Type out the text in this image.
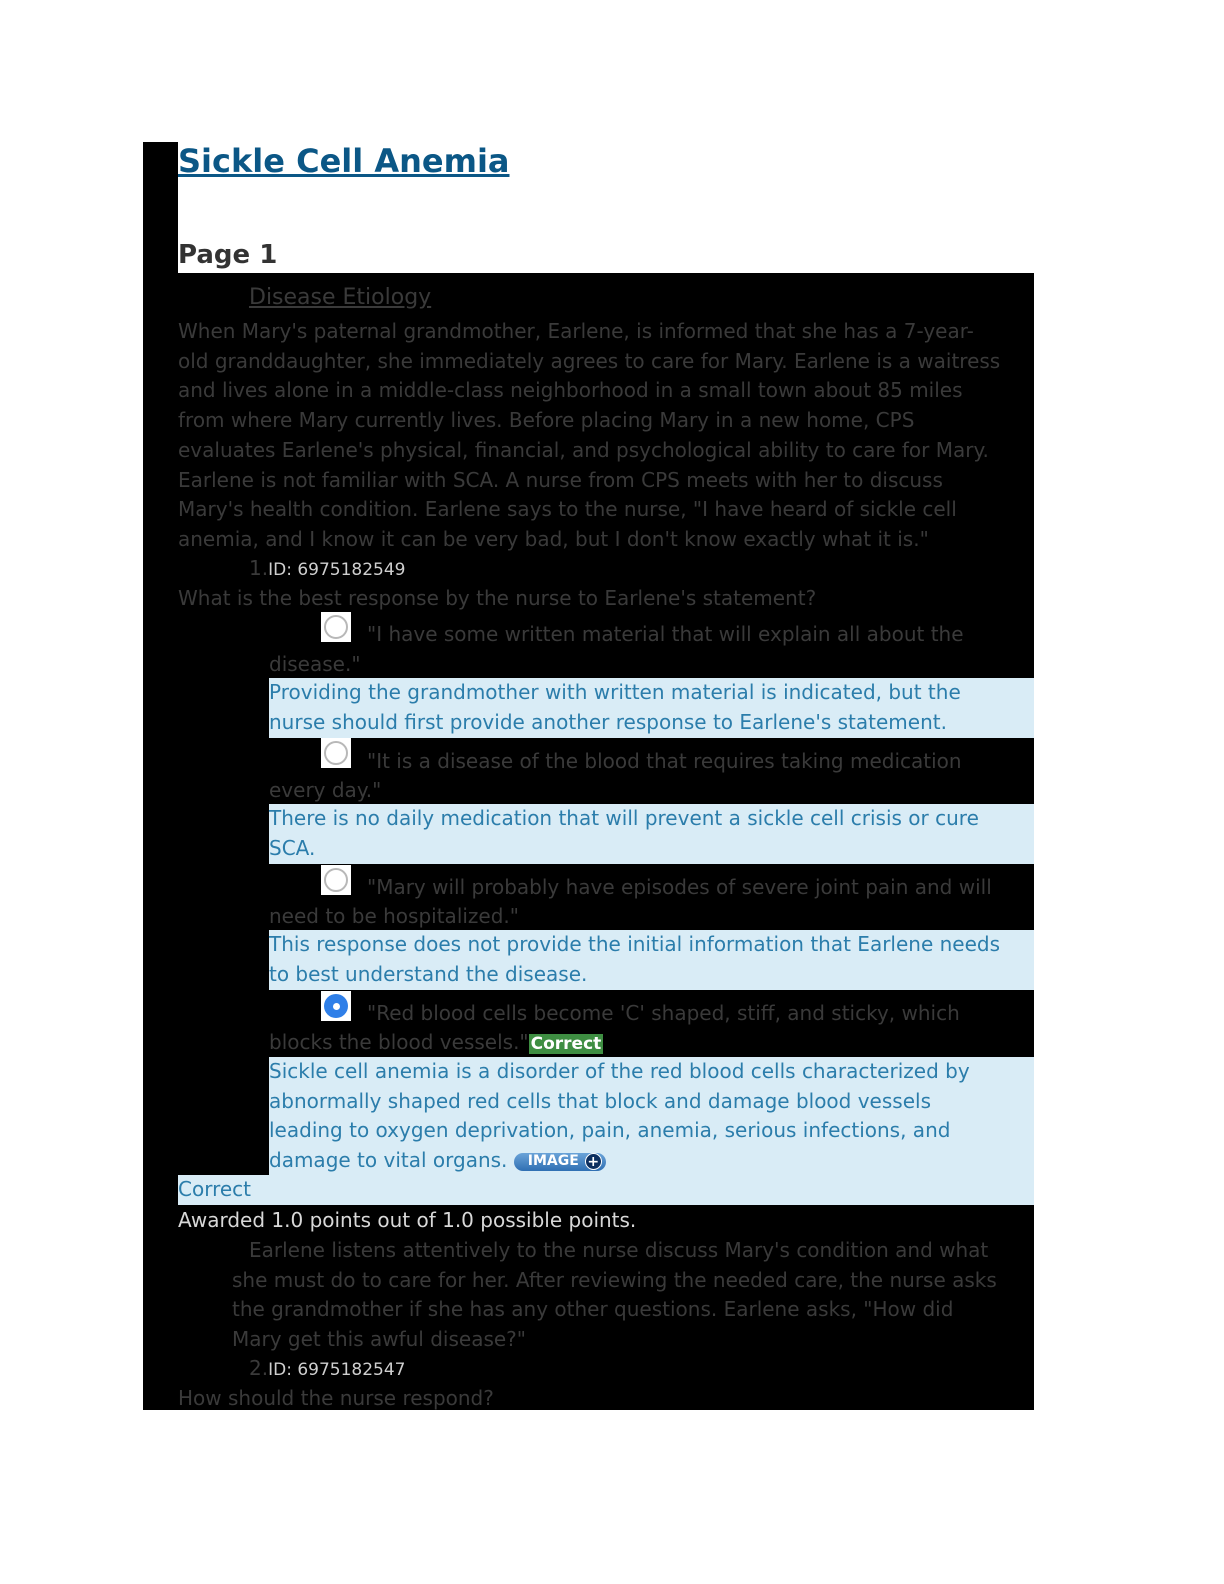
Sickle Cell Anemia
Page 1
Disease Etiology
When Mary's paternal grandmother, Earlene, is informed that she has a 7-year-
old granddaughter, she immediately agrees to care for Mary. Earlene is a waitress
and lives alone in a middle-class neighborhood in a small town about 85 miles
from where Mary currently lives. Before placing Mary in a new home, CPS
evaluates Earlene's physical, financial, and psychological ability to care for Mary.
Earlene is not familiar with SCA. A nurse from CPS meets with her to discuss
Mary's health condition. Earlene says to the nurse, "I have heard of sickle cell
anemia, and I know it can be very bad, but I don't know exactly what it is."
1.ID: 6975182549
What is the best response by the nurse to Earlene's statement?
"I have some written material that will explain all about the
disease."
Providing the grandmother with written material is indicated, but the
nurse should first provide another response to Earlene's statement.
"It is a disease of the blood that requires taking medication
every day."
There is no daily medication that will prevent a sickle cell crisis or cure
SCA.
"Mary will probably have episodes of severe joint pain and will
need to be hospitalized."
This response does not provide the initial information that Earlene needs
to best understand the disease.
"Red blood cells become 'C' shaped, stiff, and sticky, which
blocks the blood vessels." Correct
Sickle cell anemia is a disorder of the red blood cells characterized by
abnormally shaped red cells that block and damage blood vessels
leading to oxygen deprivation, pain, anemia, serious infections, and
damage to vital organs. IMAGE +
Correct
Awarded 1.0 points out of 1.0 possible points.
Earlene listens attentively to the nurse discuss Mary's condition and what
she must do to care for her. After reviewing the needed care, the nurse asks
the grandmother if she has any other questions. Earlene asks, "How did
Mary get this awful disease?"
2.ID: 6975182547
How should the nurse respond?
